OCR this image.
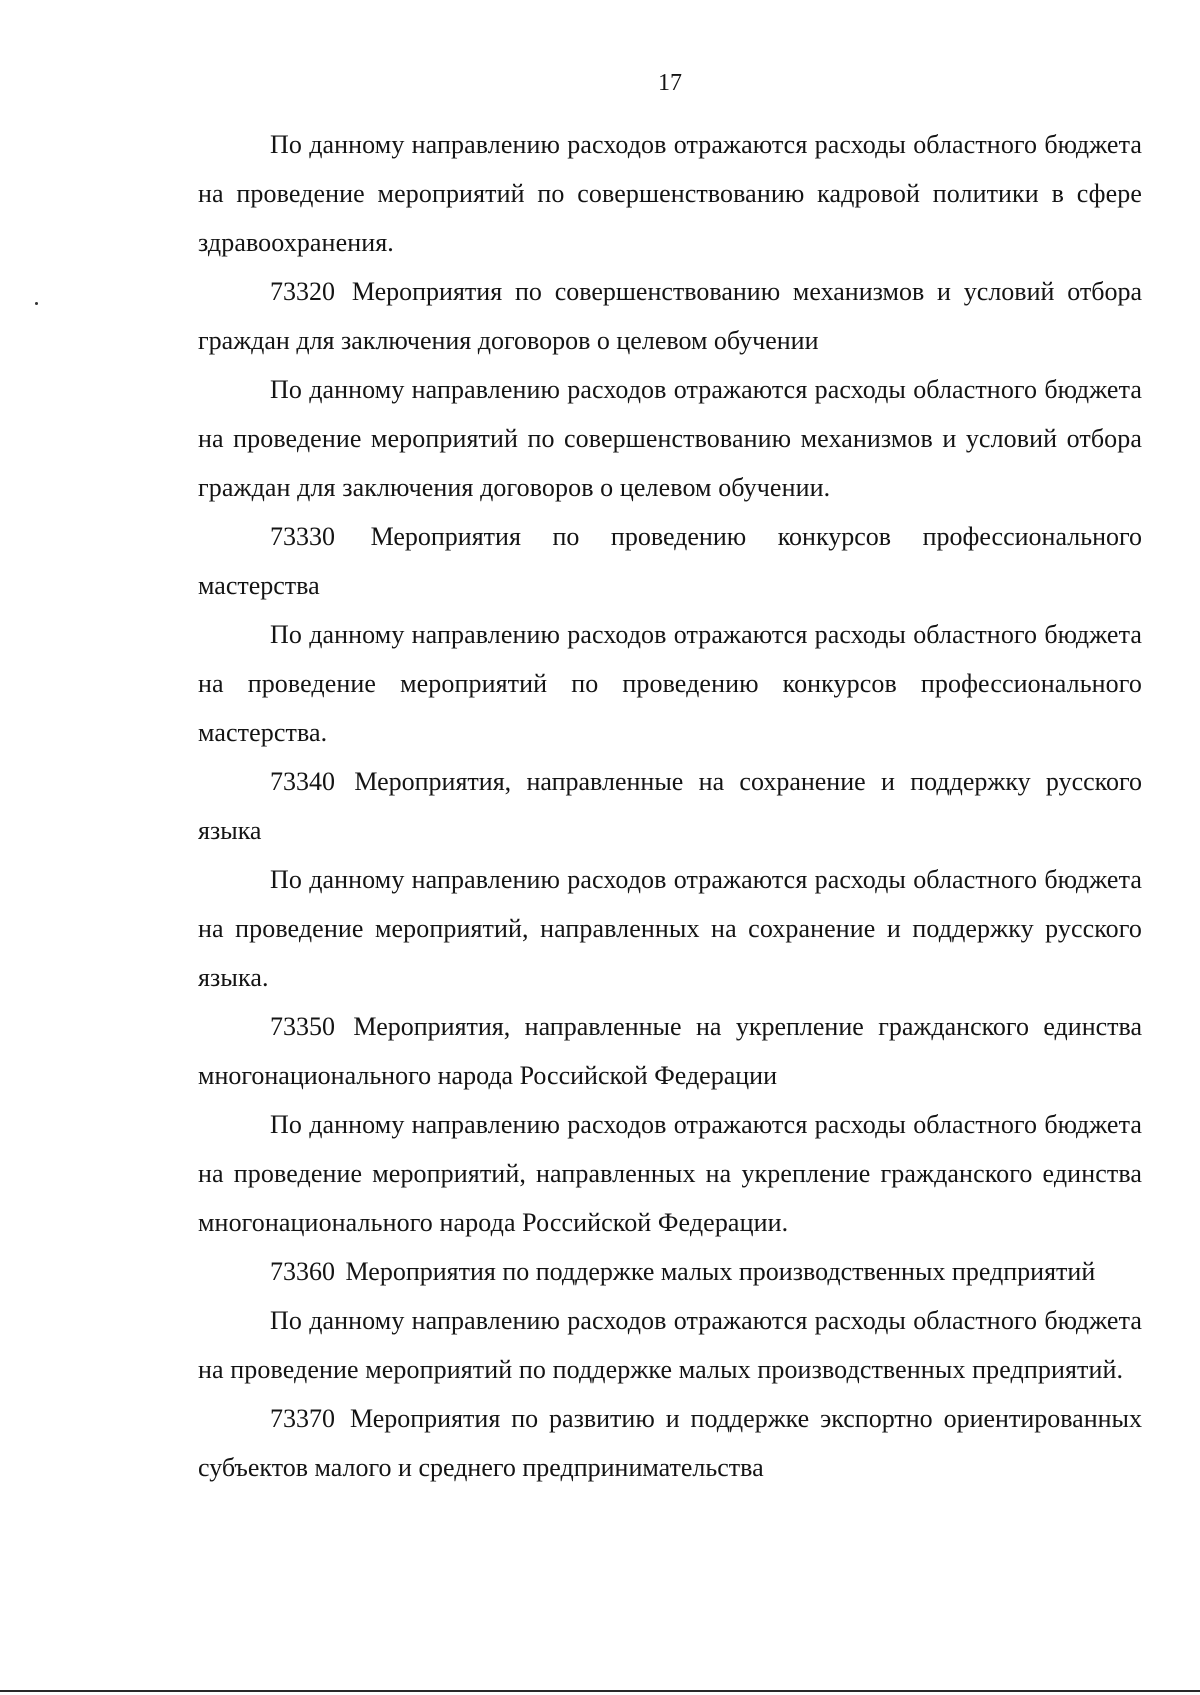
17

По данному направлению расходов отражаются расходы областного бюджета на проведение мероприятий по совершенствованию кадровой политики в сфере здравоохранения.

73320 Мероприятия по совершенствованию механизмов и условий отбора граждан для заключения договоров о целевом обучении

По данному направлению расходов отражаются расходы областного бюджета на проведение мероприятий по совершенствованию механизмов и условий отбора граждан для заключения договоров о целевом обучении.

73330 Мероприятия по проведению конкурсов профессионального мастерства

По данному направлению расходов отражаются расходы областного бюджета на проведение мероприятий по проведению конкурсов профессионального мастерства.

73340 Мероприятия, направленные на сохранение и поддержку русского языка

По данному направлению расходов отражаются расходы областного бюджета на проведение мероприятий, направленных на сохранение и поддержку русского языка.

73350 Мероприятия, направленные на укрепление гражданского единства многонационального народа Российской Федерации

По данному направлению расходов отражаются расходы областного бюджета на проведение мероприятий, направленных на укрепление гражданского единства многонационального народа Российской Федерации.

73360 Мероприятия по поддержке малых производственных предприятий

По данному направлению расходов отражаются расходы областного бюджета на проведение мероприятий по поддержке малых производственных предприятий.

73370 Мероприятия по развитию и поддержке экспортно ориентированных субъектов малого и среднего предпринимательства
